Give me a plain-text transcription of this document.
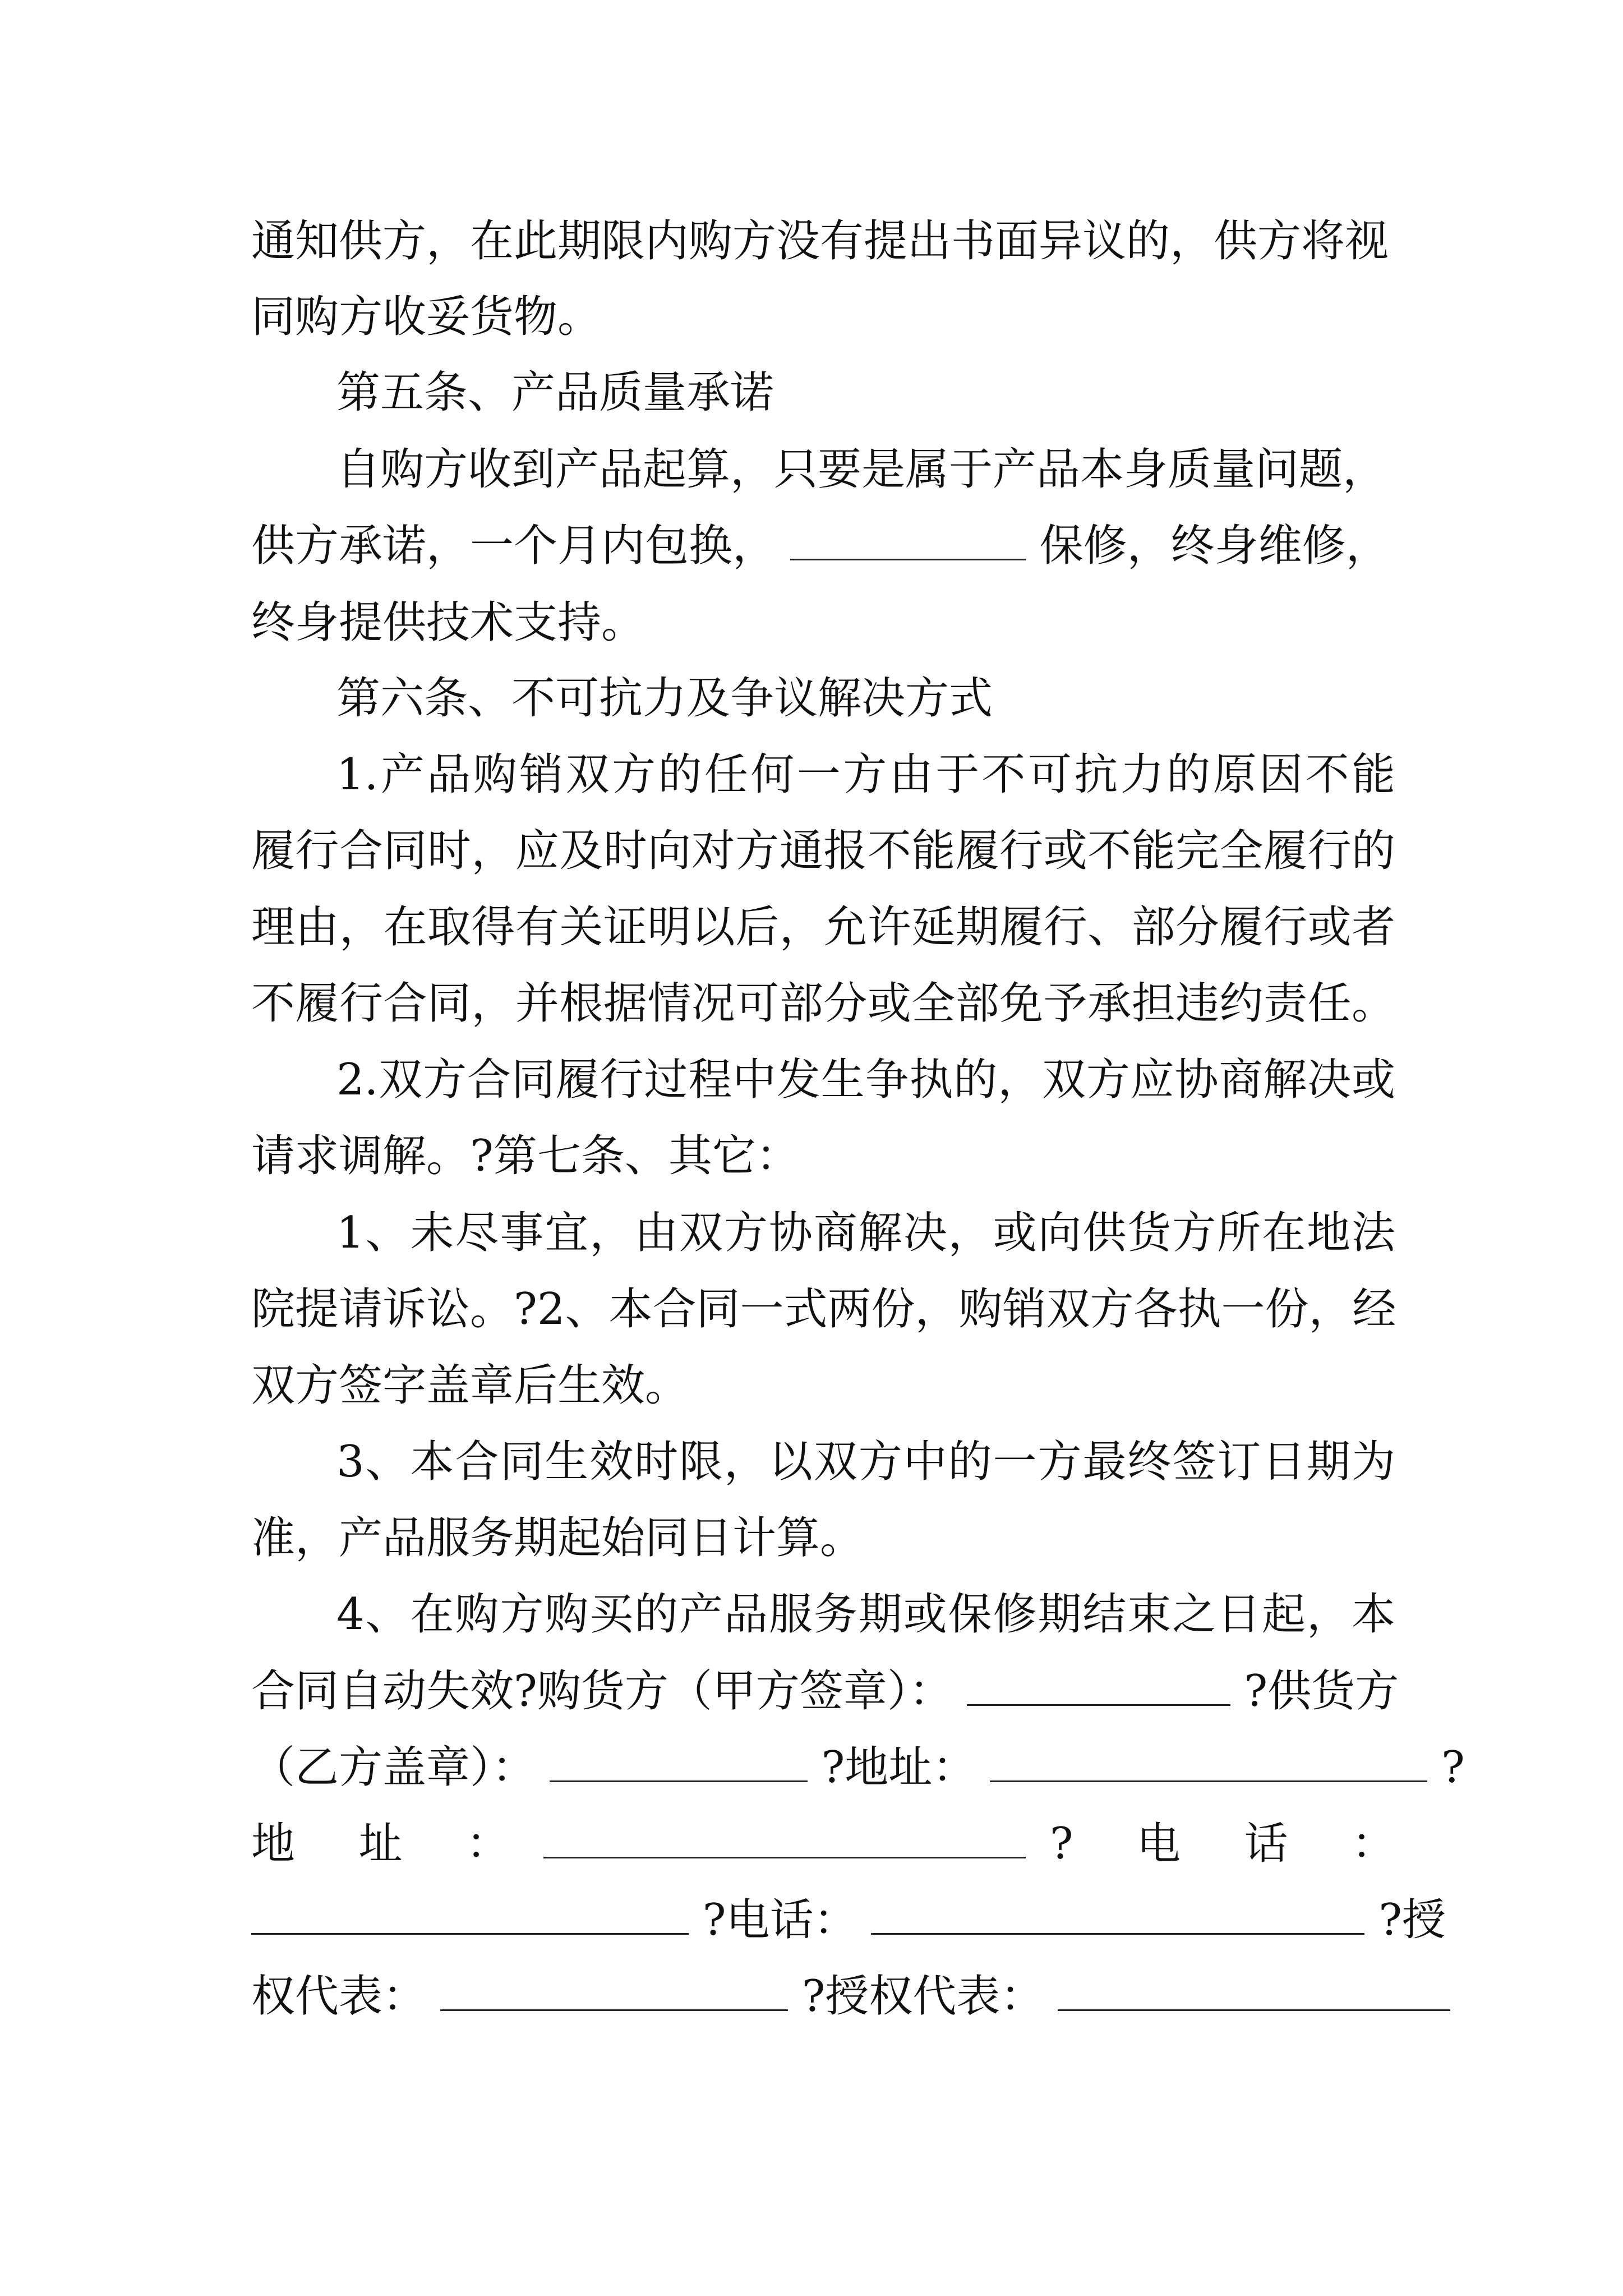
通知供方，在此期限内购方没有提出书面异议的，供方将视
同购方收妥货物。
第五条、产品质量承诺
自购方收到产品起算，只要是属于产品本身质量问题，
供方承诺，一个月内包换，	保修，终身维修，
终身提供技术支持。
第六条、不可抗力及争议解决方式
1.产品购销双方的任何一方由于不可抗力的原因不能
履行合同时，应及时向对方通报不能履行或不能完全履行的
理由，在取得有关证明以后，允许延期履行、部分履行或者
不履行合同，并根据情况可部分或全部免予承担违约责任。
2.双方合同履行过程中发生争执的，双方应协商解决或
请求调解。?第七条、其它：
1、未尽事宜，由双方协商解决，或向供货方所在地法
院提请诉讼。?2、本合同一式两份，购销双方各执一份，经
双方签字盖章后生效。
3、本合同生效时限，以双方中的一方最终签订日期为
准，产品服务期起始同日计算。
4、在购方购买的产品服务期或保修期结束之日起，本
合同自动失效?购货方（甲方签章）：	?供货方
（乙方盖章）：	?地址：	?
地　址　：	?　电　话　：
?电话：	?授
权代表：	?授权代表：
